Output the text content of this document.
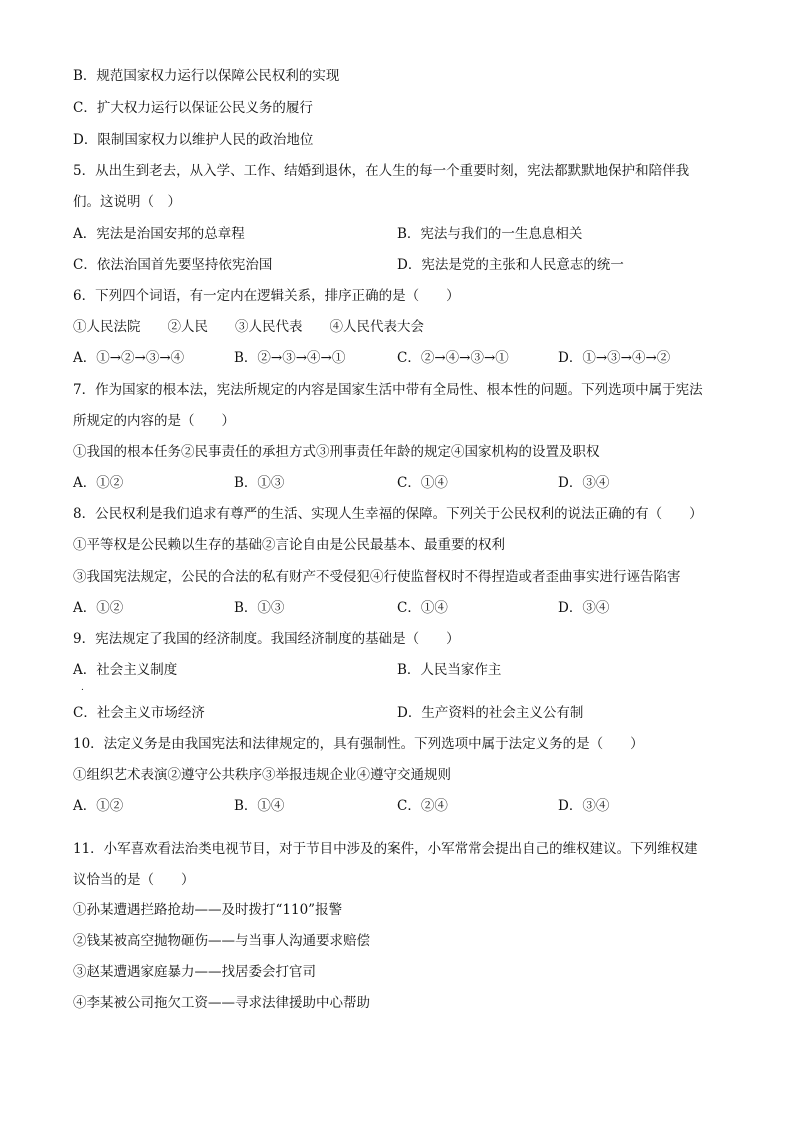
B．规范国家权力运行以保障公民权利的实现
C．扩大权力运行以保证公民义务的履行
D．限制国家权力以维护人民的政治地位
5．从出生到老去，从入学、工作、结婚到退休，在人生的每一个重要时刻，宪法都默默地保护和陪伴我
们。这说明（　）
A．宪法是治国安邦的总章程	B．宪法与我们的一生息息相关
C．依法治国首先要坚持依宪治国	D．宪法是党的主张和人民意志的统一
6．下列四个词语，有一定内在逻辑关系，排序正确的是（　　）
①人民法院　　②人民　　③人民代表　　④人民代表大会
A．①→②→③→④	B．②→③→④→①	C．②→④→③→①	D．①→③→④→②
7．作为国家的根本法，宪法所规定的内容是国家生活中带有全局性、根本性的问题。下列选项中属于宪法
所规定的内容的是（　　）
①我国的根本任务②民事责任的承担方式③刑事责任年龄的规定④国家机构的设置及职权
A．①②	B．①③	C．①④	D．③④
8．公民权利是我们追求有尊严的生活、实现人生幸福的保障。下列关于公民权利的说法正确的有（　　）
①平等权是公民赖以生存的基础②言论自由是公民最基本、最重要的权利
③我国宪法规定，公民的合法的私有财产不受侵犯④行使监督权时不得捏造或者歪曲事实进行诬告陷害
A．①②	B．①③	C．①④	D．③④
9．宪法规定了我国的经济制度。我国经济制度的基础是（　　）
A．社会主义制度	B．人民当家作主
.
C．社会主义市场经济	D．生产资料的社会主义公有制
10．法定义务是由我国宪法和法律规定的，具有强制性。下列选项中属于法定义务的是（　　）
①组织艺术表演②遵守公共秩序③举报违规企业④遵守交通规则
A．①②	B．①④	C．②④	D．③④
11．小军喜欢看法治类电视节目，对于节目中涉及的案件，小军常常会提出自己的维权建议。下列维权建
议恰当的是（　　）
①孙某遭遇拦路抢劫——及时拨打“110”报警
②钱某被高空抛物砸伤——与当事人沟通要求赔偿
③赵某遭遇家庭暴力——找居委会打官司
④李某被公司拖欠工资——寻求法律援助中心帮助
